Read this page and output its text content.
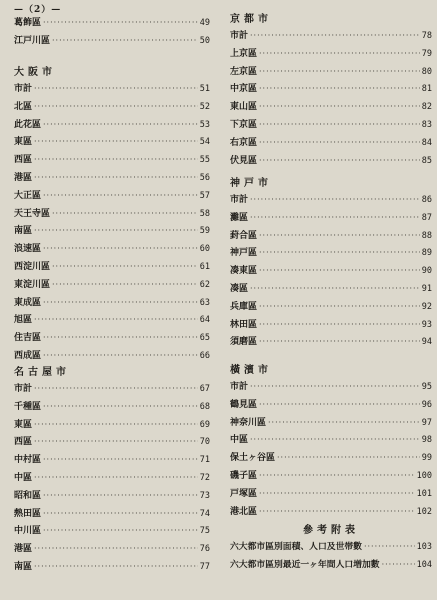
—（2）—
葛飾區 ·····	49
江戸川區 ·····	50
大阪市
市計 ·····	51
北區 ·····	52
此花區 ·····	53
東區 ·····	54
西區 ·····	55
港區 ·····	56
大正區 ·····	57
天王寺區 ·····	58
南區 ·····	59
浪速區 ·····	60
西淀川區 ·····	61
東淀川區 ·····	62
東成區 ·····	63
旭區 ·····	64
住吉區 ·····	65
西成區 ·····	66
名古屋市
市計 ·····	67
千種區 ·····	68
東區 ·····	69
西區 ·····	70
中村區 ·····	71
中區 ·····	72
昭和區 ·····	73
熱田區 ·····	74
中川區 ·····	75
港區 ·····	76
南區 ·····	77
京都市
市計 ·····	78
上京區 ·····	79
左京區 ·····	80
中京區 ·····	81
東山區 ·····	82
下京區 ·····	83
右京區 ·····	84
伏見區 ·····	85
神戸市
市計 ·····	86
灘區 ·····	87
葑合區 ·····	88
神戸區 ·····	89
凑東區 ·····	90
凑區 ·····	91
兵庫區 ·····	92
林田區 ·····	93
須磨區 ·····	94
橫濱市
市計 ·····	95
鶴見區 ·····	96
神奈川區 ·····	97
中區 ·····	98
保土ヶ谷區 ·····	99
磯子區 ·····	100
戸塚區 ·····	101
港北區 ·····	102
參考附表
六大都市區別面積、人口及世帯數 ·····	103
六大都市區別最近一ヶ年間人口増加數 ·····	104
